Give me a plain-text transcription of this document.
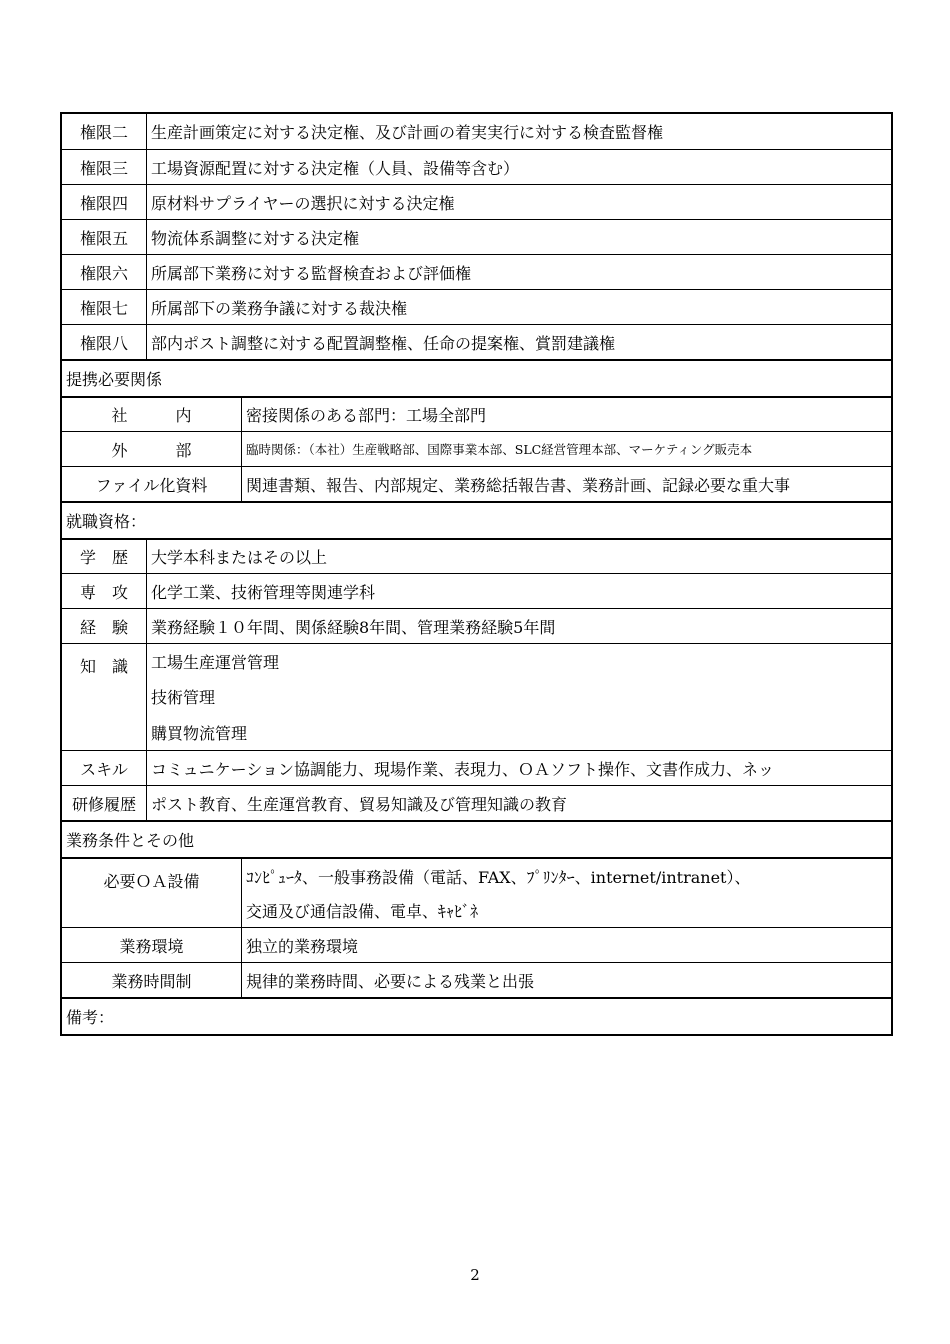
権限二	生産計画策定に対する決定権、及び計画の着実実行に対する検査監督権
権限三	工場資源配置に対する決定権（人員、設備等含む）
権限四	原材料サプライヤーの選択に対する決定権
権限五	物流体系調整に対する決定権
権限六	所属部下業務に対する監督検査および評価権
権限七	所属部下の業務争議に対する裁決権
権限八	部内ポスト調整に対する配置調整権、任命の提案権、賞罰建議権
提携必要関係
社　　　内	密接関係のある部門：工場全部門
外　　　部	臨時関係：（本社）生産戦略部、国際事業本部、SLC経営管理本部、マーケティング販売本
ファイル化資料	関連書類、報告、内部規定、業務総括報告書、業務計画、記録必要な重大事
就職資格：
学　歴	大学本科またはその以上
専　攻	化学工業、技術管理等関連学科
経　験	業務経験１０年間、関係経験8年間、管理業務経験5年間
知　識	工場生産運営管理
技術管理
購買物流管理
スキル	コミュニケーション協調能力、現場作業、表現力、ＯＡソフト操作、文書作成力、ネッ
研修履歴 ポスト教育、生産運営教育、貿易知識及び管理知識の教育
業務条件とその他
必要ＯＡ設備	ｺﾝﾋﾟｭｰﾀ、一般事務設備（電話、FAX、ﾌﾟﾘﾝﾀｰ、internet/intranet）、
交通及び通信設備、電卓、ｷｬﾋﾞﾈ
業務環境	独立的業務環境
業務時間制	規律的業務時間、必要による残業と出張
備考：
2
